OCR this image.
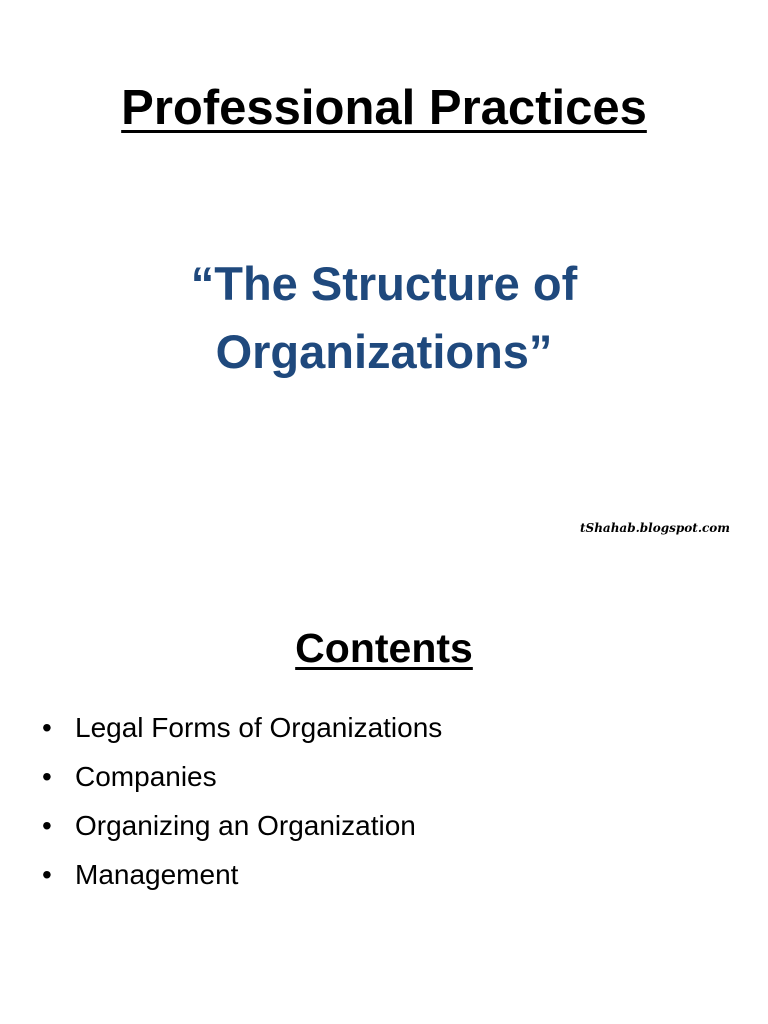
Professional Practices
“The Structure of
Organizations”
tShahab.blogspot.com
Contents
• Legal Forms of Organizations
• Companies
• Organizing an Organization
• Management
